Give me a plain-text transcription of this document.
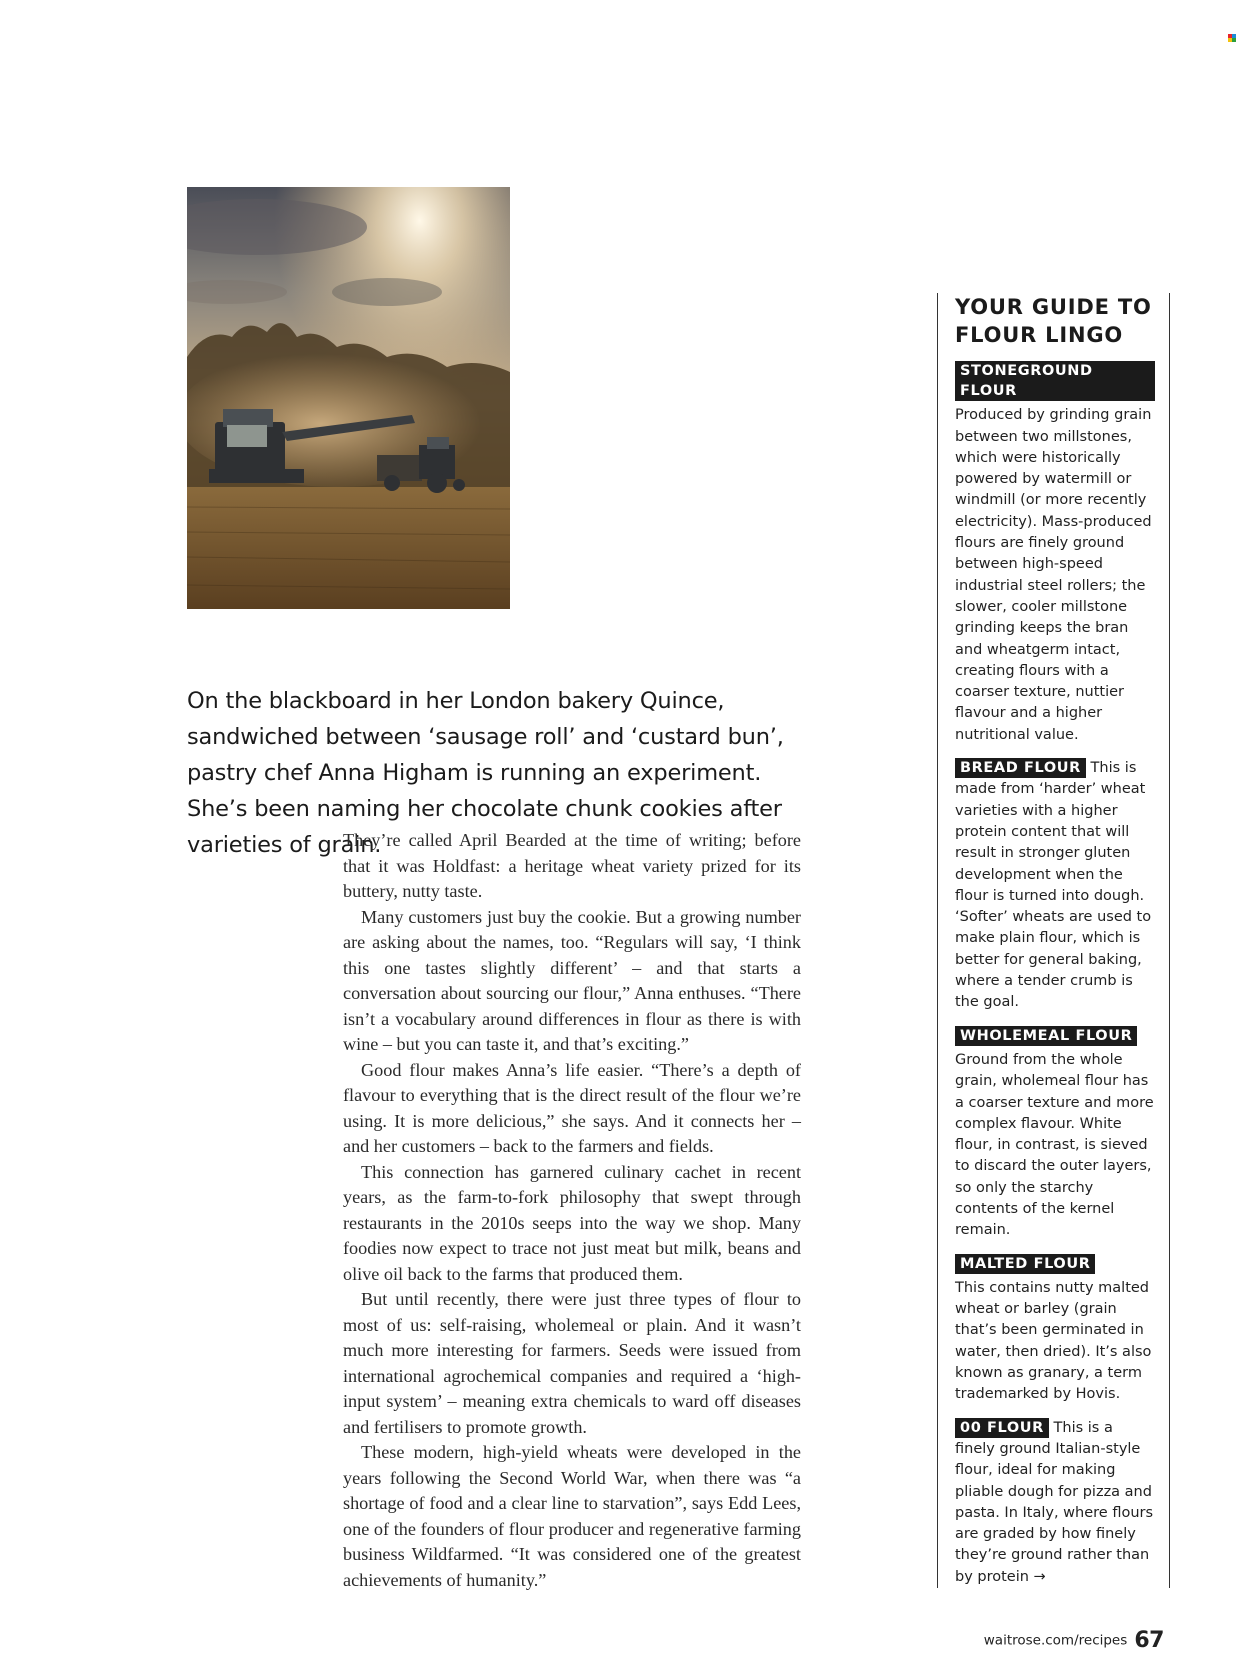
On the blackboard in her London bakery Quince, sandwiched between ‘sausage roll’ and ‘custard bun’, pastry chef Anna Higham is running an experiment. She’s been naming her chocolate chunk cookies after varieties of grain.

They’re called April Bearded at the time of writing; before that it was Holdfast: a heritage wheat variety prized for its buttery, nutty taste.

Many customers just buy the cookie. But a growing number are asking about the names, too. “Regulars will say, ‘I think this one tastes slightly different’ – and that starts a conversation about sourcing our flour,” Anna enthuses. “There isn’t a vocabulary around differences in flour as there is with wine – but you can taste it, and that’s exciting.”

Good flour makes Anna’s life easier. “There’s a depth of flavour to everything that is the direct result of the flour we’re using. It is more delicious,” she says. And it connects her – and her customers – back to the farmers and fields.

This connection has garnered culinary cachet in recent years, as the farm-to-fork philosophy that swept through restaurants in the 2010s seeps into the way we shop. Many foodies now expect to trace not just meat but milk, beans and olive oil back to the farms that produced them.

But until recently, there were just three types of flour to most of us: self-raising, wholemeal or plain. And it wasn’t much more interesting for farmers. Seeds were issued from international agrochemical companies and required a ‘high-input system’ – meaning extra chemicals to ward off diseases and fertilisers to promote growth.

These modern, high-yield wheats were developed in the years following the Second World War, when there was “a shortage of food and a clear line to starvation”, says Edd Lees, one of the founders of flour producer and regenerative farming business Wildfarmed. “It was considered one of the greatest achievements of humanity.”

YOUR GUIDE TO
FLOUR LINGO
STONEGROUND FLOUR
Produced by grinding grain between two millstones, which were historically powered by watermill or windmill (or more recently electricity). Mass-produced flours are finely ground between high-speed industrial steel rollers; the slower, cooler millstone grinding keeps the bran and wheatgerm intact, creating flours with a coarser texture, nuttier flavour and a higher nutritional value.
BREAD FLOUR This is made from ‘harder’ wheat varieties with a higher protein content that will result in stronger gluten development when the flour is turned into dough. ‘Softer’ wheats are used to make plain flour, which is better for general baking, where a tender crumb is the goal.
WHOLEMEAL FLOUR
Ground from the whole grain, wholemeal flour has a coarser texture and more complex flavour. White flour, in contrast, is sieved to discard the outer layers, so only the starchy contents of the kernel remain.
MALTED FLOUR
This contains nutty malted wheat or barley (grain that’s been germinated in water, then dried). It’s also known as granary, a term trademarked by Hovis.
00 FLOUR This is a finely ground Italian-style flour, ideal for making pliable dough for pizza and pasta. In Italy, where flours are graded by how finely they’re ground rather than by protein →
waitrose.com/recipes 67
